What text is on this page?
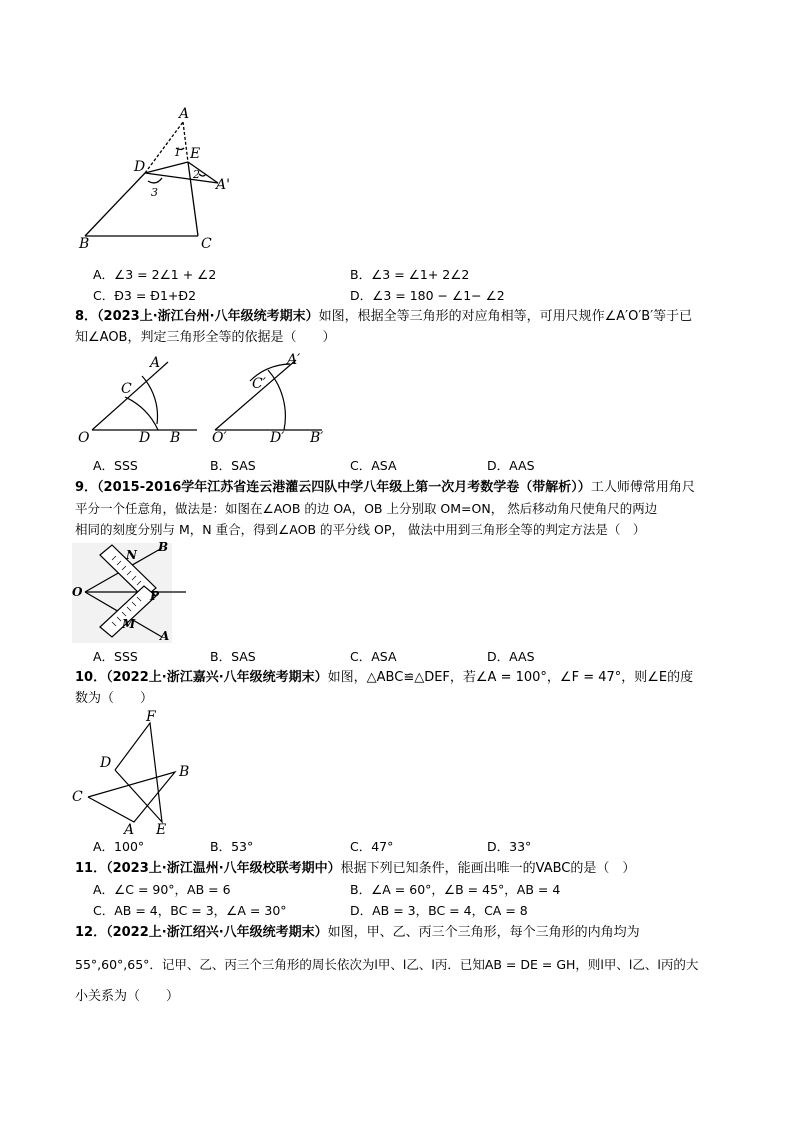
A
E
D
A'
B	C
1
2
3
A．∠3 = 2∠1 + ∠2	B．∠3 = ∠1+ 2∠2
C．Ð3 = Ð1+Ð2	D．∠3 = 180 − ∠1− ∠2
8．（2023上·浙江台州·八年级统考期末）如图，根据全等三角形的对应角相等，可用尺规作∠A′O′B′等于已
知∠AOB，判定三角形全等的依据是（　　）
A
C
O	D B
A′
C′
O′	D′ B′
A．SSS	B．SAS	C．ASA	D．AAS
9．（2015-2016学年江苏省连云港灌云四队中学八年级上第一次月考数学卷（带解析））工人师傅常用角尺
平分一个任意角，做法是：如图在∠AOB 的边 OA，OB 上分别取 OM=ON， 然后移动角尺使角尺的两边
相同的刻度分别与 M，N 重合，得到∠AOB 的平分线 OP， 做法中用到三角形全等的判定方法是（　）
O
N
B
P
M
A
A．SSS	B．SAS	C．ASA	D．AAS
10．（2022上·浙江嘉兴·八年级统考期末）如图，△ABC≌△DEF，若∠A = 100°，∠F = 47°，则∠E的度
数为（　　）
F
D
B
C
A E
A．100°	B．53°	C．47°	D．33°
11．（2023上·浙江温州·八年级校联考期中）根据下列已知条件，能画出唯一的VABC的是（　）
A．∠C = 90°，AB = 6	B．∠A = 60°，∠B = 45°，AB = 4
C．AB = 4，BC = 3，∠A = 30°	D．AB = 3，BC = 4，CA = 8
12．（2022上·浙江绍兴·八年级统考期末）如图，甲、乙、丙三个三角形，每个三角形的内角均为
55°,60°,65°．记甲、乙、丙三个三角形的周长依次为l甲、l乙、l丙．已知AB = DE = GH，则l甲、l乙、l丙的大
小关系为（　　）
